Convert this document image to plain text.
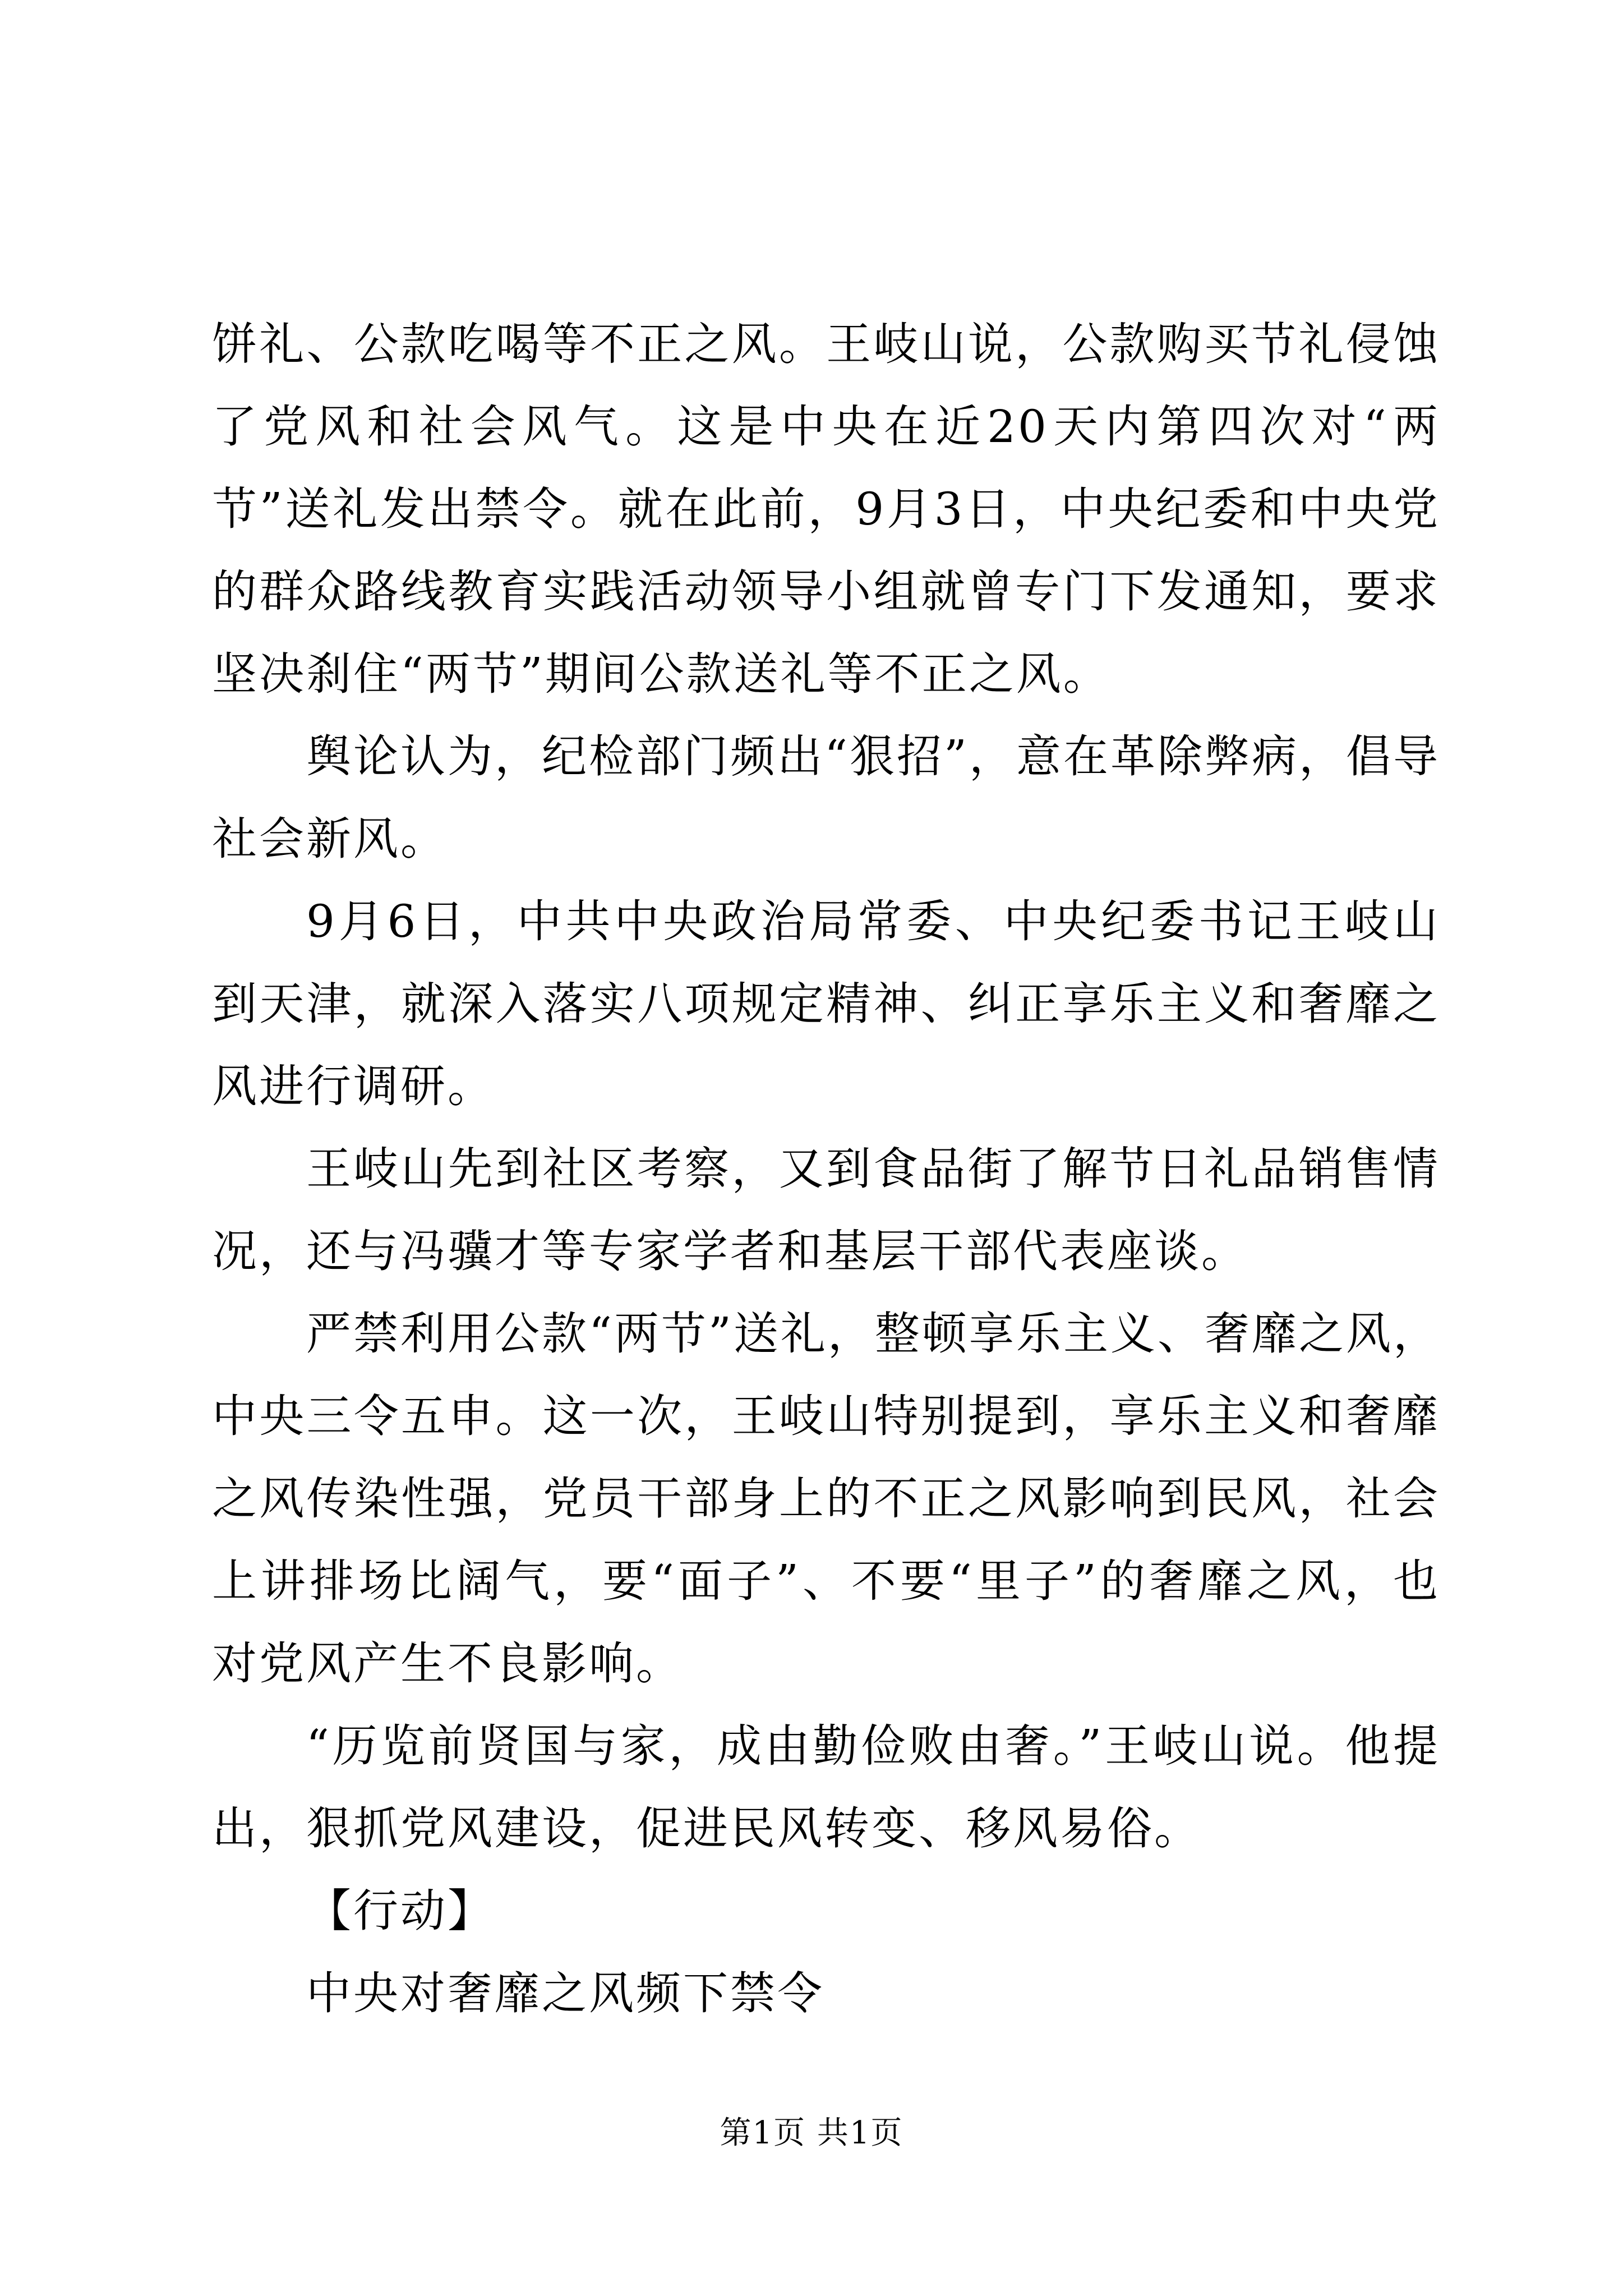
饼礼、公款吃喝等不正之风。王岐山说，公款购买节礼侵蚀了党风和社会风气。这是中央在近20天内第四次对“两节”送礼发出禁令。就在此前，9月3日，中央纪委和中央党的群众路线教育实践活动领导小组就曾专门下发通知，要求坚决刹住“两节”期间公款送礼等不正之风。

舆论认为，纪检部门频出“狠招”，意在革除弊病，倡导社会新风。

9月6日，中共中央政治局常委、中央纪委书记王岐山到天津，就深入落实八项规定精神、纠正享乐主义和奢靡之风进行调研。

王岐山先到社区考察，又到食品街了解节日礼品销售情况，还与冯骥才等专家学者和基层干部代表座谈。

严禁利用公款“两节”送礼，整顿享乐主义、奢靡之风，中央三令五申。这一次，王岐山特别提到，享乐主义和奢靡之风传染性强，党员干部身上的不正之风影响到民风，社会上讲排场比阔气，要“面子”、不要“里子”的奢靡之风，也对党风产生不良影响。

“历览前贤国与家，成由勤俭败由奢。”王岐山说。他提出，狠抓党风建设，促进民风转变、移风易俗。

【行动】

中央对奢靡之风频下禁令

第1页 共1页
